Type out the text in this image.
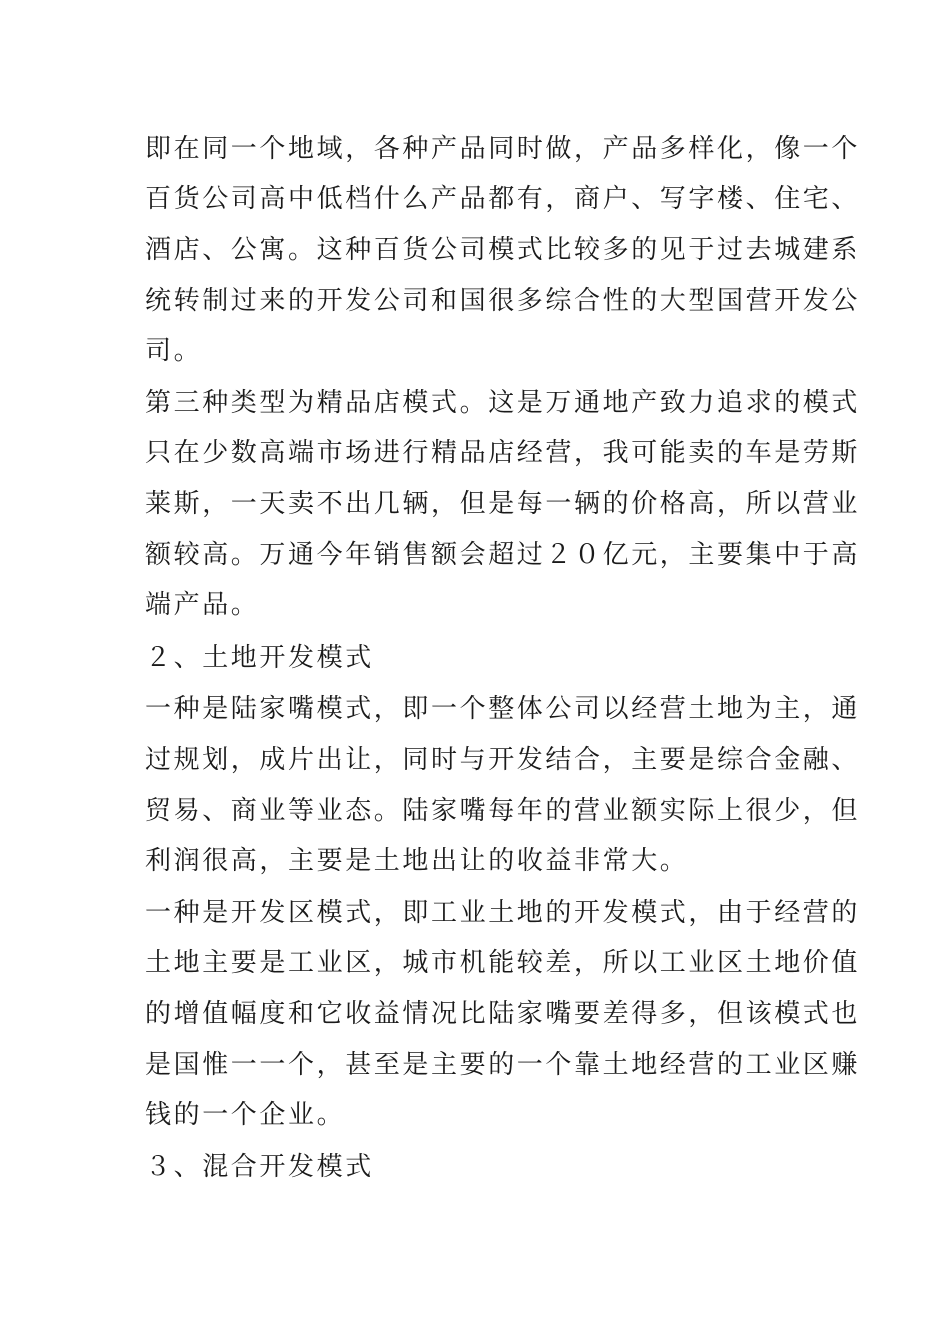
即在同一个地域，各种产品同时做，产品多样化，像一个
百货公司高中低档什么产品都有，商户、写字楼、住宅、
酒店、公寓。这种百货公司模式比较多的见于过去城建系
统转制过来的开发公司和国很多综合性的大型国营开发公
司。
第三种类型为精品店模式。这是万通地产致力追求的模式
只在少数高端市场进行精品店经营，我可能卖的车是劳斯
莱斯，一天卖不出几辆，但是每一辆的价格高，所以营业
额较高。万通今年销售额会超过２０亿元，主要集中于高
端产品。
２、土地开发模式
一种是陆家嘴模式，即一个整体公司以经营土地为主，通
过规划，成片出让，同时与开发结合，主要是综合金融、
贸易、商业等业态。陆家嘴每年的营业额实际上很少，但
利润很高，主要是土地出让的收益非常大。
一种是开发区模式，即工业土地的开发模式，由于经营的
土地主要是工业区，城市机能较差，所以工业区土地价值
的增值幅度和它收益情况比陆家嘴要差得多，但该模式也
是国惟一一个，甚至是主要的一个靠土地经营的工业区赚
钱的一个企业。
３、混合开发模式
